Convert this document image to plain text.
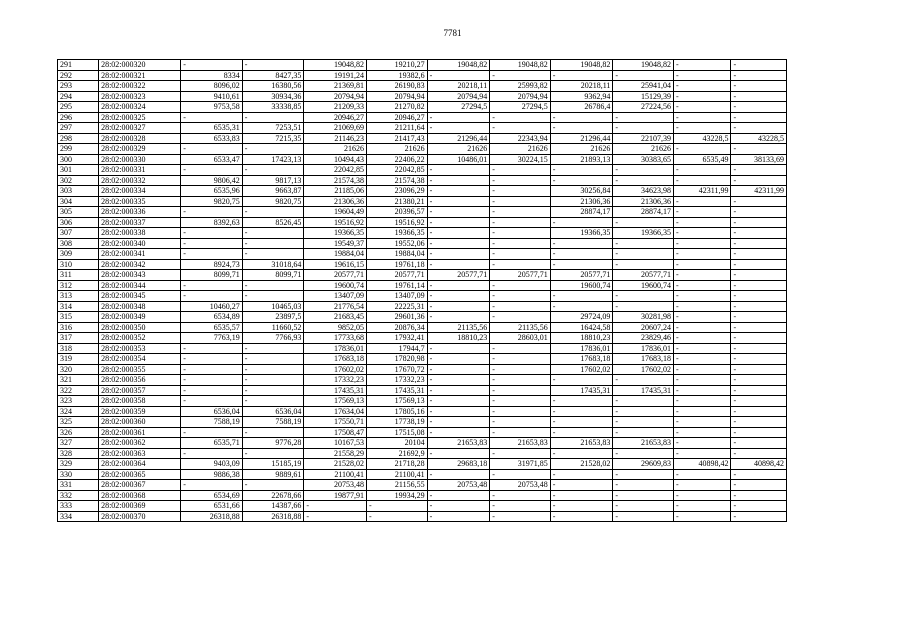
7781
291	28:02:000320	-	-	19048,82	19210,27	19048,82	19048,82	19048,82	19048,82	-	-
292	28:02:000321	8334	8427,35	19191,24	19382,6	-	-	-	-	-	-
293	28:02:000322	8096,02	16380,56	21369,81	26190,83	20218,11	25993,82	20218,11	25941,04	-	-
294	28:02:000323	9410,61	30934,36	20794,94	20794,94	20794,94	20794,94	9362,94	15129,39	-	-
295	28:02:000324	9753,58	33338,85	21209,33	21270,82	27294,5	27294,5	26786,4	27224,56	-	-
296	28:02:000325	-	-	20946,27	20946,27	-	-	-	-	-	-
297	28:02:000327	6535,31	7253,51	21069,69	21211,64	-	-	-	-	-	-
298	28:02:000328	6533,83	7215,35	21146,23	21417,43	21296,44	22343,94	21296,44	22107,39	43228,5	43228,5
299	28:02:000329	-	-	21626	21626	21626	21626	21626	21626	-	-
300	28:02:000330	6533,47	17423,13	10494,43	22406,22	10486,01	30224,15	21893,13	30383,65	6535,49	38133,69
301	28:02:000331	-	-	22042,85	22042,85	-	-	-	-	-	-
302	28:02:000332	9806,42	9817,13	21574,38	21574,38	-	-	-	-	-	-
303	28:02:000334	6535,96	9663,87	21185,06	23096,29	-	-	30256,84	34623,98	42311,99	42311,99
304	28:02:000335	9820,75	9820,75	21306,36	21380,21	-	-	21306,36	21306,36	-	-
305	28:02:000336	-	-	19604,49	20396,57	-	-	28874,17	28874,17	-	-
306	28:02:000337	8392,63	8526,45	19516,92	19516,92	-	-	-	-	-	-
307	28:02:000338	-	-	19366,35	19366,35	-	-	19366,35	19366,35	-	-
308	28:02:000340	-	-	19549,37	19552,06	-	-	-	-	-	-
309	28:02:000341	-	-	19884,04	19884,04	-	-	-	-	-	-
310	28:02:000342	8924,73	31018,64	19616,15	19761,18	-	-	-	-	-	-
311	28:02:000343	8099,71	8099,71	20577,71	20577,71	20577,71	20577,71	20577,71	20577,71	-	-
312	28:02:000344	-	-	19600,74	19761,14	-	-	19600,74	19600,74	-	-
313	28:02:000345	-	-	13407,09	13407,09	-	-	-	-	-	-
314	28:02:000348	10460,27	10465,03	21776,54	22225,31	-	-	-	-	-	-
315	28:02:000349	6534,89	23897,5	21683,45	29601,36	-	-	29724,09	30281,98	-	-
316	28:02:000350	6535,57	11660,52	9852,05	20876,34	21135,56	21135,56	16424,58	20607,24	-	-
317	28:02:000352	7763,19	7766,93	17733,68	17932,41	18810,23	28603,01	18810,23	23829,46	-	-
318	28:02:000353	-	-	17836,01	17944,7	-	-	17836,01	17836,01	-	-
319	28:02:000354	-	-	17683,18	17820,98	-	-	17683,18	17683,18	-	-
320	28:02:000355	-	-	17602,02	17670,72	-	-	17602,02	17602,02	-	-
321	28:02:000356	-	-	17332,23	17332,23	-	-	-	-	-	-
322	28:02:000357	-	-	17435,31	17435,31	-	-	17435,31	17435,31	-	-
323	28:02:000358	-	-	17569,13	17569,13	-	-	-	-	-	-
324	28:02:000359	6536,04	6536,04	17634,04	17805,16	-	-	-	-	-	-
325	28:02:000360	7588,19	7588,19	17550,71	17738,19	-	-	-	-	-	-
326	28:02:000361	-	-	17508,47	17515,08	-	-	-	-	-	-
327	28:02:000362	6535,71	9776,28	10167,53	20104	21653,83	21653,83	21653,83	21653,83	-	-
328	28:02:000363	-	-	21558,29	21692,9	-	-	-	-	-	-
329	28:02:000364	9403,09	15185,19	21528,02	21718,28	29683,18	31971,85	21528,02	29609,83	40898,42	40898,42
330	28:02:000365	9886,38	9889,61	21100,41	21100,41	-	-	-	-	-	-
331	28:02:000367	-	-	20753,48	21156,55	20753,48	20753,48	-	-	-	-
332	28:02:000368	6534,69	22678,66	19877,91	19934,29	-	-	-	-	-	-
333	28:02:000369	6531,66	14387,66	-	-	-	-	-	-	-	-
334	28:02:000370	26318,88	26318,88	-	-	-	-	-	-	-	-
